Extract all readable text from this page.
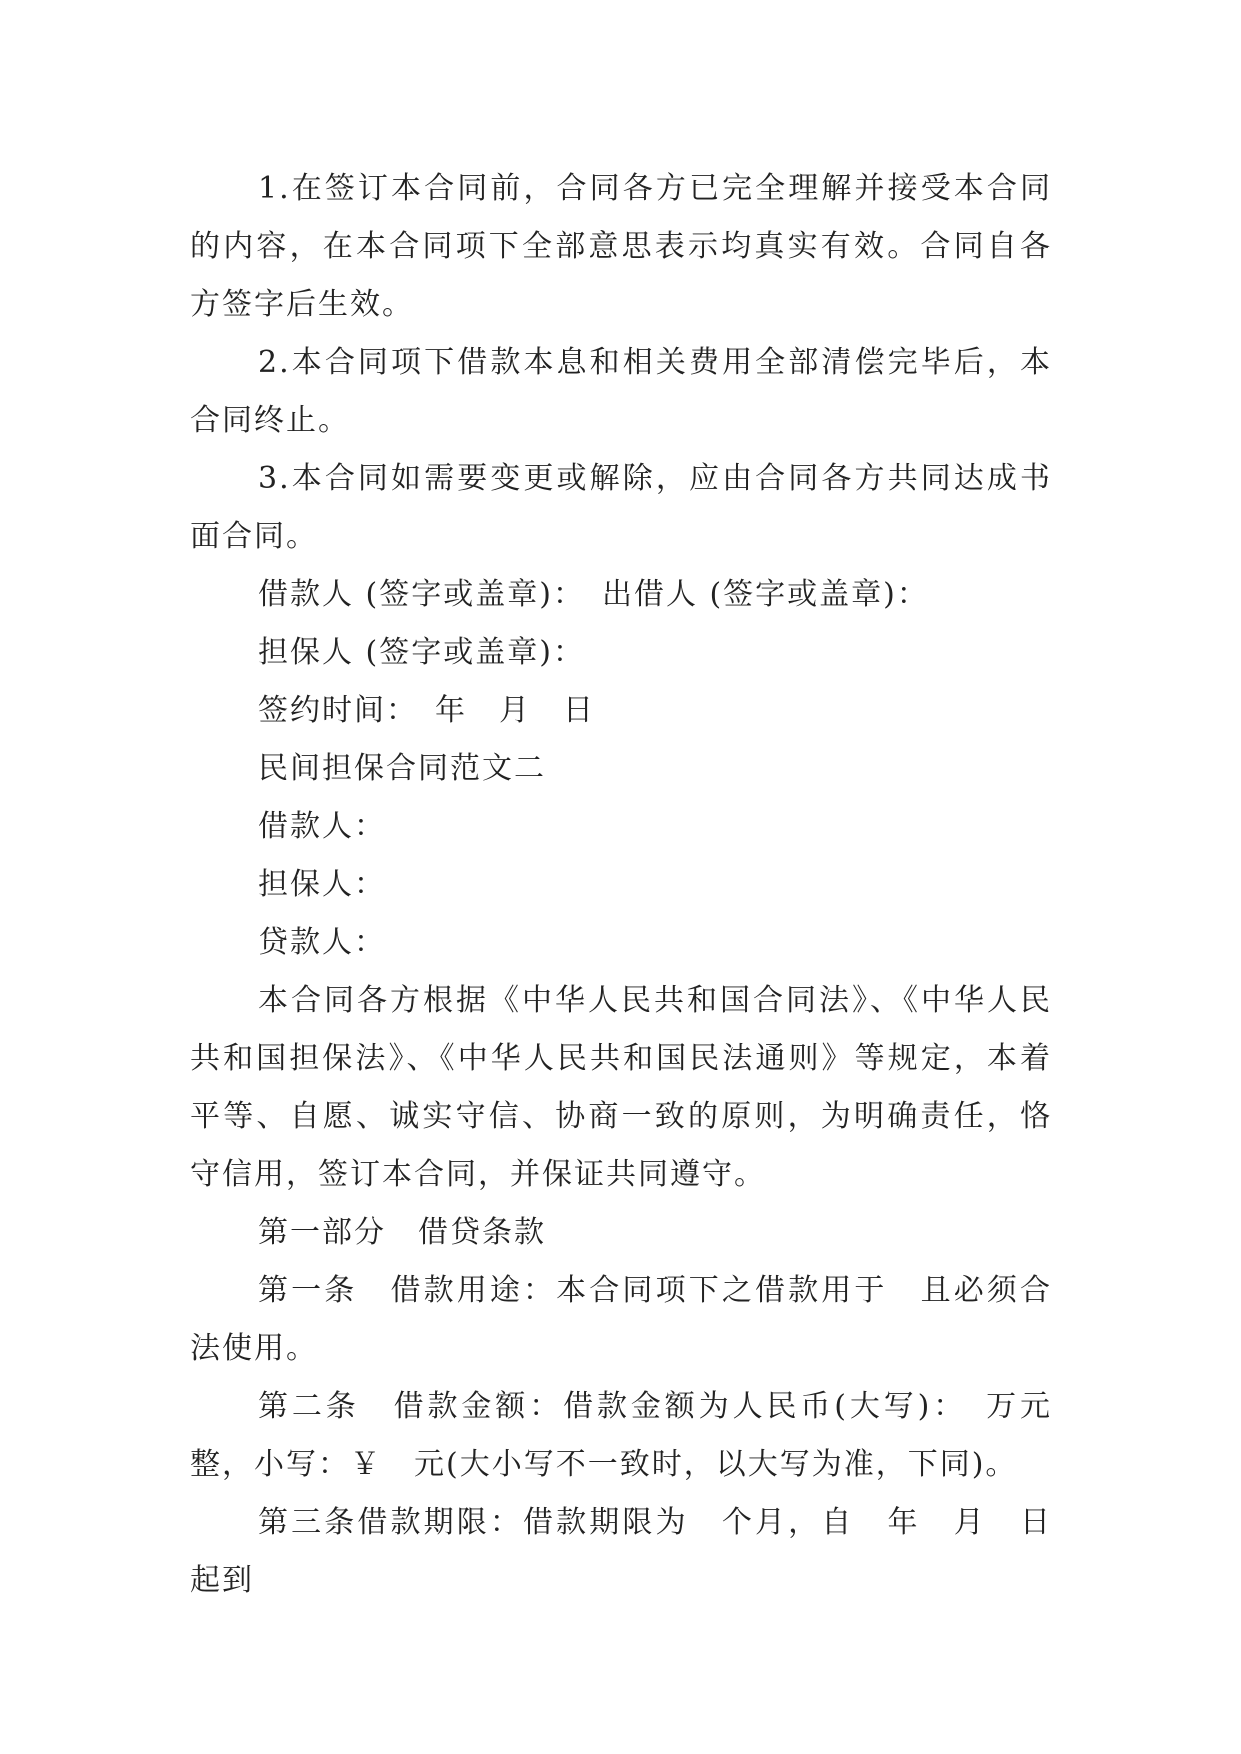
1.在签订本合同前，合同各方已完全理解并接受本合同的内容，在本合同项下全部意思表示均真实有效。合同自各方签字后生效。

2.本合同项下借款本息和相关费用全部清偿完毕后，本合同终止。

3.本合同如需要变更或解除，应由合同各方共同达成书面合同。

借款人 (签字或盖章)：　出借人 (签字或盖章)：

担保人 (签字或盖章)：

签约时间：　年　月　日

民间担保合同范文二

借款人：

担保人：

贷款人：

本合同各方根据《中华人民共和国合同法》、《中华人民共和国担保法》、《中华人民共和国民法通则》等规定，本着平等、自愿、诚实守信、协商一致的原则，为明确责任，恪守信用，签订本合同，并保证共同遵守。

第一部分　借贷条款

第一条　借款用途：本合同项下之借款用于　且必须合法使用。

第二条　借款金额：借款金额为人民币(大写)：　万元整，小写：￥　元(大小写不一致时，以大写为准，下同)。

第三条借款期限：借款期限为　个月，自　年　月　日起到
